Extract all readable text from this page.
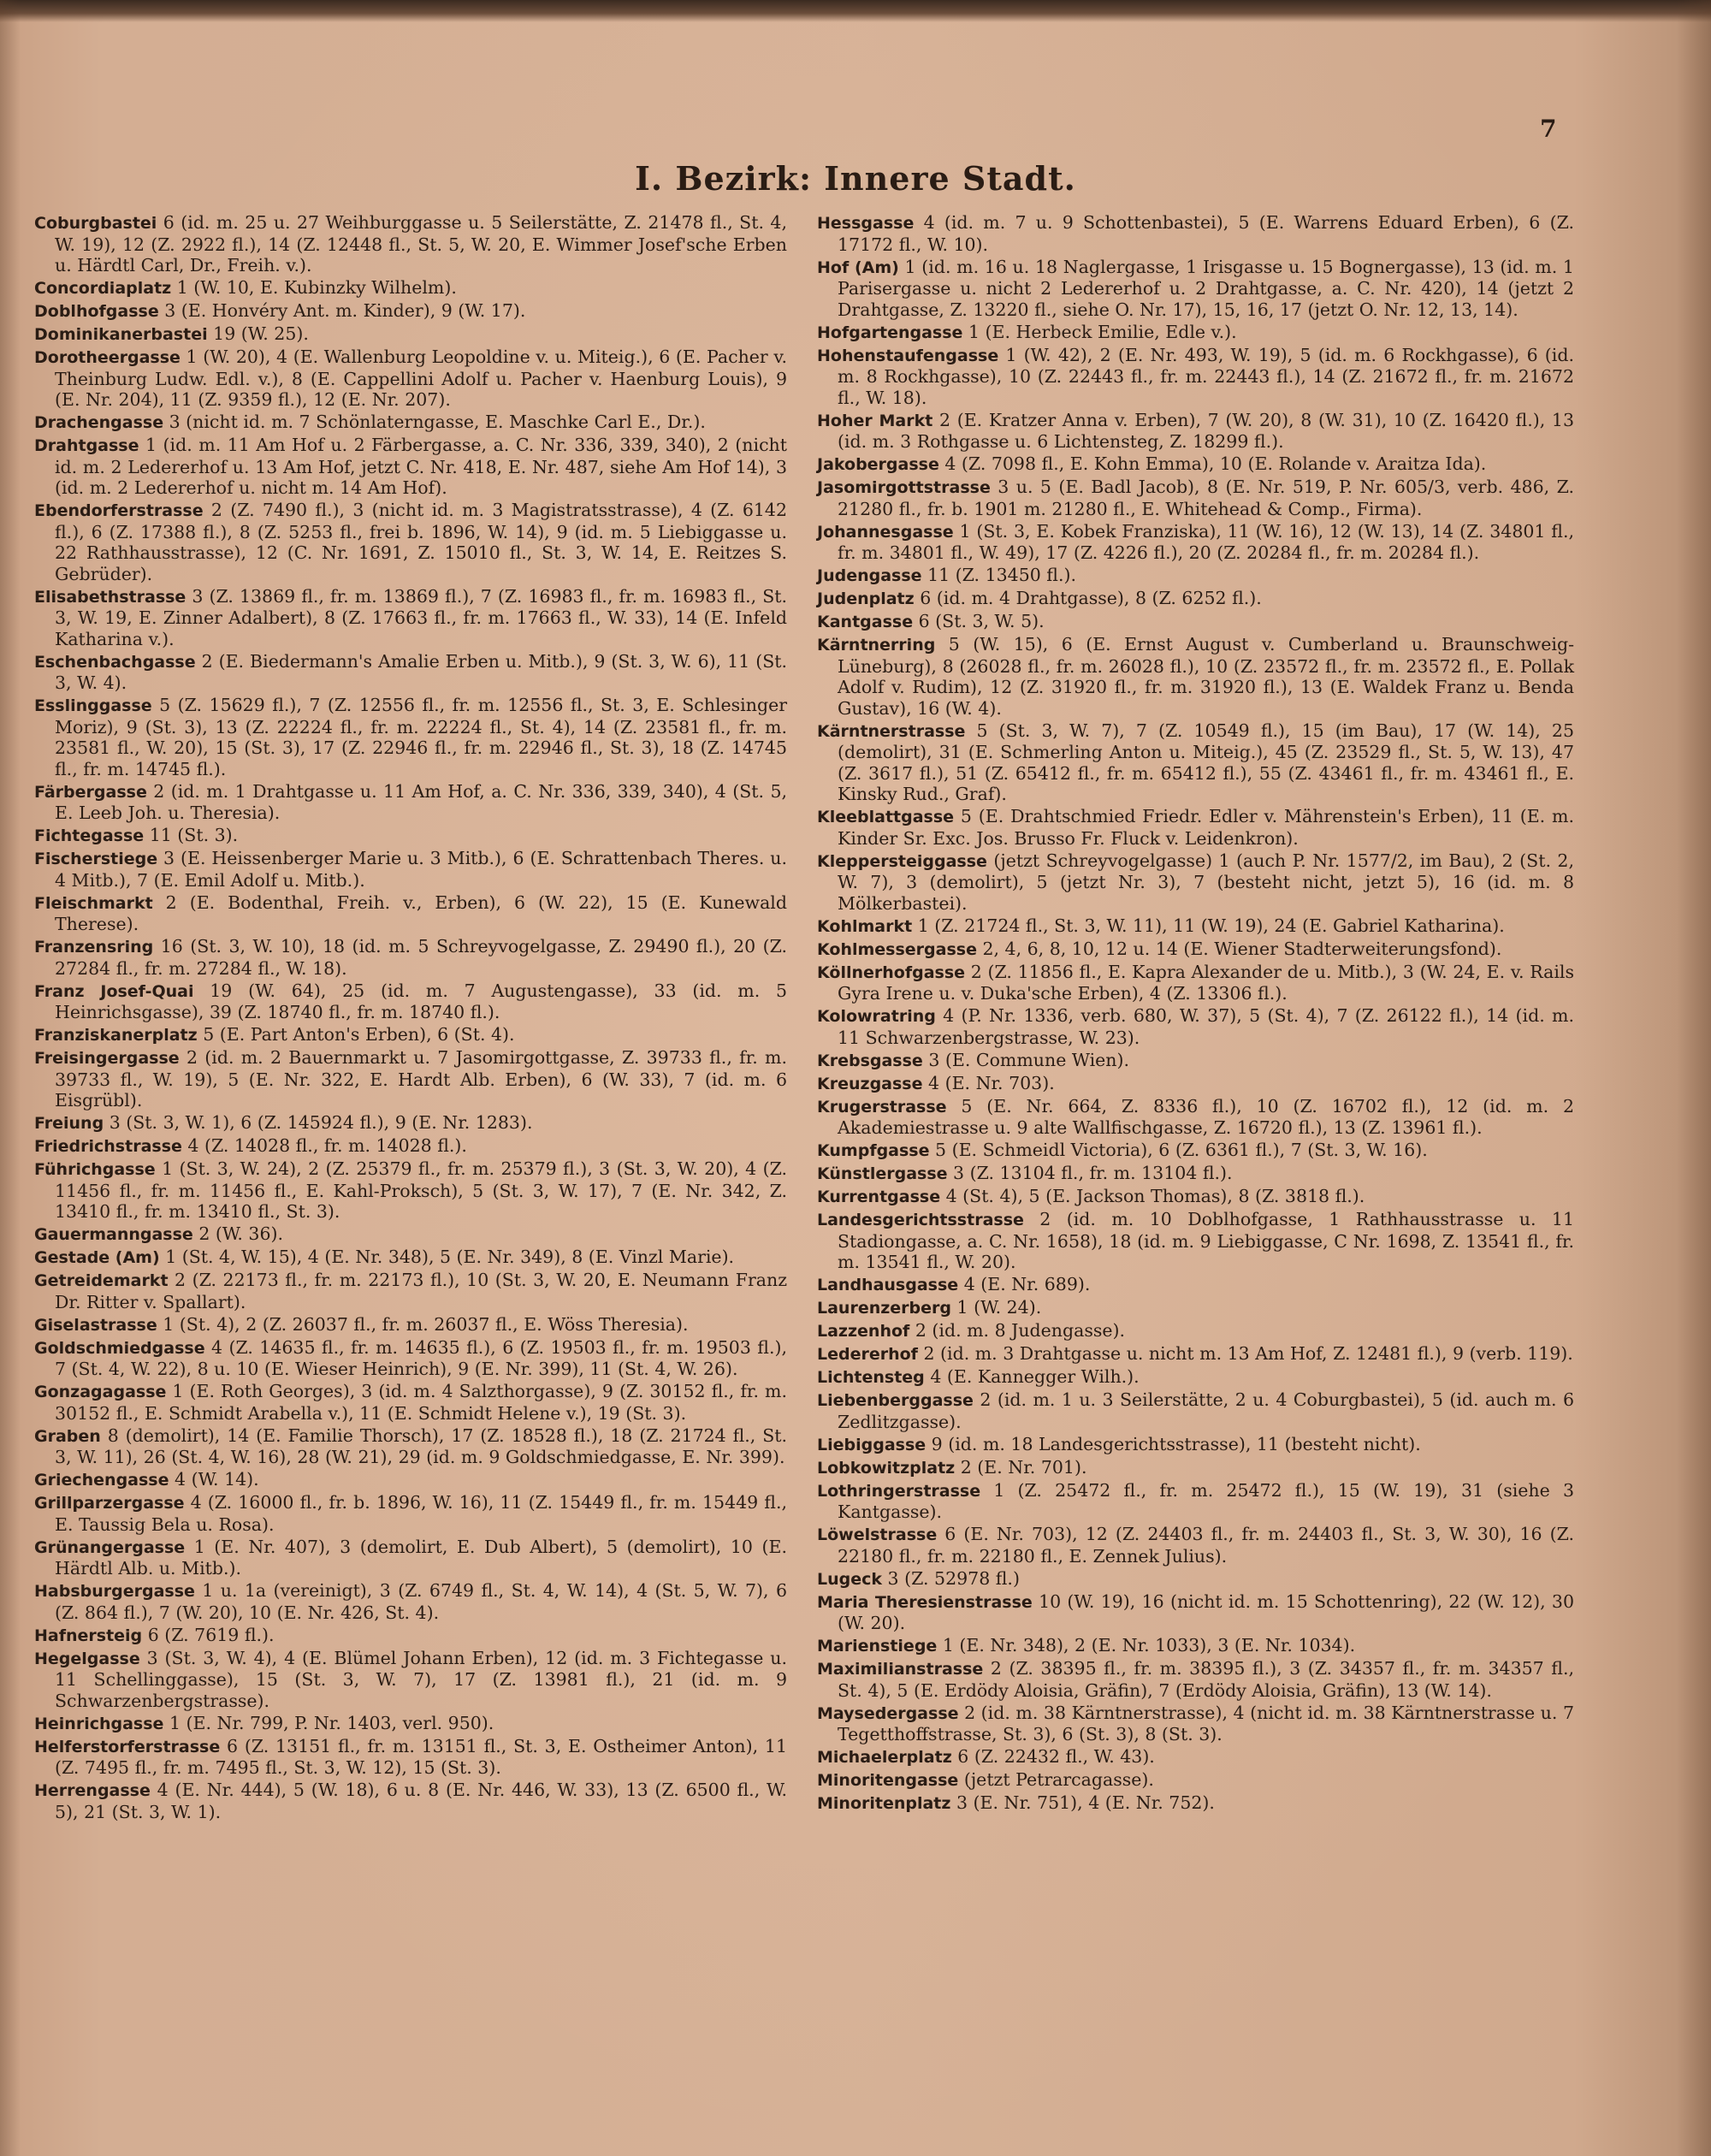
7
I. Bezirk: Innere Stadt.

Coburgbastei 6 (id. m. 25 u. 27 Weihburggasse u. 5 Seilerstätte, Z. 21478 fl., St. 4, W. 19), 12 (Z. 2922 fl.), 14 (Z. 12448 fl., St. 5, W. 20, E. Wimmer Josef'sche Erben u. Härdtl Carl, Dr., Freih. v.).

Concordiaplatz 1 (W. 10, E. Kubinzky Wilhelm).

Doblhofgasse 3 (E. Honvéry Ant. m. Kinder), 9 (W. 17).

Dominikanerbastei 19 (W. 25).

Dorotheergasse 1 (W. 20), 4 (E. Wallenburg Leopoldine v. u. Miteig.), 6 (E. Pacher v. Theinburg Ludw. Edl. v.), 8 (E. Cappellini Adolf u. Pacher v. Haenburg Louis), 9 (E. Nr. 204), 11 (Z. 9359 fl.), 12 (E. Nr. 207).

Drachengasse 3 (nicht id. m. 7 Schönlaterngasse, E. Maschke Carl E., Dr.).

Drahtgasse 1 (id. m. 11 Am Hof u. 2 Färbergasse, a. C. Nr. 336, 339, 340), 2 (nicht id. m. 2 Ledererhof u. 13 Am Hof, jetzt C. Nr. 418, E. Nr. 487, siehe Am Hof 14), 3 (id. m. 2 Ledererhof u. nicht m. 14 Am Hof).

Ebendorferstrasse 2 (Z. 7490 fl.), 3 (nicht id. m. 3 Magistratsstrasse), 4 (Z. 6142 fl.), 6 (Z. 17388 fl.), 8 (Z. 5253 fl., frei b. 1896, W. 14), 9 (id. m. 5 Liebiggasse u. 22 Rathhausstrasse), 12 (C. Nr. 1691, Z. 15010 fl., St. 3, W. 14, E. Reitzes S. Gebrüder).

Elisabethstrasse 3 (Z. 13869 fl., fr. m. 13869 fl.), 7 (Z. 16983 fl., fr. m. 16983 fl., St. 3, W. 19, E. Zinner Adalbert), 8 (Z. 17663 fl., fr. m. 17663 fl., W. 33), 14 (E. Infeld Katharina v.).

Eschenbachgasse 2 (E. Biedermann's Amalie Erben u. Mitb.), 9 (St. 3, W. 6), 11 (St. 3, W. 4).

Esslinggasse 5 (Z. 15629 fl.), 7 (Z. 12556 fl., fr. m. 12556 fl., St. 3, E. Schlesinger Moriz), 9 (St. 3), 13 (Z. 22224 fl., fr. m. 22224 fl., St. 4), 14 (Z. 23581 fl., fr. m. 23581 fl., W. 20), 15 (St. 3), 17 (Z. 22946 fl., fr. m. 22946 fl., St. 3), 18 (Z. 14745 fl., fr. m. 14745 fl.).

Färbergasse 2 (id. m. 1 Drahtgasse u. 11 Am Hof, a. C. Nr. 336, 339, 340), 4 (St. 5, E. Leeb Joh. u. Theresia).

Fichtegasse 11 (St. 3).

Fischerstiege 3 (E. Heissenberger Marie u. 3 Mitb.), 6 (E. Schrattenbach Theres. u. 4 Mitb.), 7 (E. Emil Adolf u. Mitb.).

Fleischmarkt 2 (E. Bodenthal, Freih. v., Erben), 6 (W. 22), 15 (E. Kunewald Therese).

Franzensring 16 (St. 3, W. 10), 18 (id. m. 5 Schreyvogelgasse, Z. 29490 fl.), 20 (Z. 27284 fl., fr. m. 27284 fl., W. 18).

Franz Josef-Quai 19 (W. 64), 25 (id. m. 7 Augustengasse), 33 (id. m. 5 Heinrichsgasse), 39 (Z. 18740 fl., fr. m. 18740 fl.).

Franziskanerplatz 5 (E. Part Anton's Erben), 6 (St. 4).

Freisingergasse 2 (id. m. 2 Bauernmarkt u. 7 Jasomirgottgasse, Z. 39733 fl., fr. m. 39733 fl., W. 19), 5 (E. Nr. 322, E. Hardt Alb. Erben), 6 (W. 33), 7 (id. m. 6 Eisgrübl).

Freiung 3 (St. 3, W. 1), 6 (Z. 145924 fl.), 9 (E. Nr. 1283).

Friedrichstrasse 4 (Z. 14028 fl., fr. m. 14028 fl.).

Führichgasse 1 (St. 3, W. 24), 2 (Z. 25379 fl., fr. m. 25379 fl.), 3 (St. 3, W. 20), 4 (Z. 11456 fl., fr. m. 11456 fl., E. Kahl-Proksch), 5 (St. 3, W. 17), 7 (E. Nr. 342, Z. 13410 fl., fr. m. 13410 fl., St. 3).

Gauermanngasse 2 (W. 36).

Gestade (Am) 1 (St. 4, W. 15), 4 (E. Nr. 348), 5 (E. Nr. 349), 8 (E. Vinzl Marie).

Getreidemarkt 2 (Z. 22173 fl., fr. m. 22173 fl.), 10 (St. 3, W. 20, E. Neumann Franz Dr. Ritter v. Spallart).

Giselastrasse 1 (St. 4), 2 (Z. 26037 fl., fr. m. 26037 fl., E. Wöss Theresia).

Goldschmiedgasse 4 (Z. 14635 fl., fr. m. 14635 fl.), 6 (Z. 19503 fl., fr. m. 19503 fl.), 7 (St. 4, W. 22), 8 u. 10 (E. Wieser Heinrich), 9 (E. Nr. 399), 11 (St. 4, W. 26).

Gonzagagasse 1 (E. Roth Georges), 3 (id. m. 4 Salzthorgasse), 9 (Z. 30152 fl., fr. m. 30152 fl., E. Schmidt Arabella v.), 11 (E. Schmidt Helene v.), 19 (St. 3).

Graben 8 (demolirt), 14 (E. Familie Thorsch), 17 (Z. 18528 fl.), 18 (Z. 21724 fl., St. 3, W. 11), 26 (St. 4, W. 16), 28 (W. 21), 29 (id. m. 9 Goldschmiedgasse, E. Nr. 399).

Griechengasse 4 (W. 14).

Grillparzergasse 4 (Z. 16000 fl., fr. b. 1896, W. 16), 11 (Z. 15449 fl., fr. m. 15449 fl., E. Taussig Bela u. Rosa).

Grünangergasse 1 (E. Nr. 407), 3 (demolirt, E. Dub Albert), 5 (demolirt), 10 (E. Härdtl Alb. u. Mitb.).

Habsburgergasse 1 u. 1a (vereinigt), 3 (Z. 6749 fl., St. 4, W. 14), 4 (St. 5, W. 7), 6 (Z. 864 fl.), 7 (W. 20), 10 (E. Nr. 426, St. 4).

Hafnersteig 6 (Z. 7619 fl.).

Hegelgasse 3 (St. 3, W. 4), 4 (E. Blümel Johann Erben), 12 (id. m. 3 Fichtegasse u. 11 Schellinggasse), 15 (St. 3, W. 7), 17 (Z. 13981 fl.), 21 (id. m. 9 Schwarzenbergstrasse).

Heinrichgasse 1 (E. Nr. 799, P. Nr. 1403, verl. 950).

Helferstorferstrasse 6 (Z. 13151 fl., fr. m. 13151 fl., St. 3, E. Ostheimer Anton), 11 (Z. 7495 fl., fr. m. 7495 fl., St. 3, W. 12), 15 (St. 3).

Herrengasse 4 (E. Nr. 444), 5 (W. 18), 6 u. 8 (E. Nr. 446, W. 33), 13 (Z. 6500 fl., W. 5), 21 (St. 3, W. 1).

Hessgasse 4 (id. m. 7 u. 9 Schottenbastei), 5 (E. Warrens Eduard Erben), 6 (Z. 17172 fl., W. 10).

Hof (Am) 1 (id. m. 16 u. 18 Naglergasse, 1 Irisgasse u. 15 Bognergasse), 13 (id. m. 1 Parisergasse u. nicht 2 Ledererhof u. 2 Drahtgasse, a. C. Nr. 420), 14 (jetzt 2 Drahtgasse, Z. 13220 fl., siehe O. Nr. 17), 15, 16, 17 (jetzt O. Nr. 12, 13, 14).

Hofgartengasse 1 (E. Herbeck Emilie, Edle v.).

Hohenstaufengasse 1 (W. 42), 2 (E. Nr. 493, W. 19), 5 (id. m. 6 Rockhgasse), 6 (id. m. 8 Rockhgasse), 10 (Z. 22443 fl., fr. m. 22443 fl.), 14 (Z. 21672 fl., fr. m. 21672 fl., W. 18).

Hoher Markt 2 (E. Kratzer Anna v. Erben), 7 (W. 20), 8 (W. 31), 10 (Z. 16420 fl.), 13 (id. m. 3 Rothgasse u. 6 Lichtensteg, Z. 18299 fl.).

Jakobergasse 4 (Z. 7098 fl., E. Kohn Emma), 10 (E. Rolande v. Araitza Ida).

Jasomirgottstrasse 3 u. 5 (E. Badl Jacob), 8 (E. Nr. 519, P. Nr. 605/3, verb. 486, Z. 21280 fl., fr. b. 1901 m. 21280 fl., E. Whitehead & Comp., Firma).

Johannesgasse 1 (St. 3, E. Kobek Franziska), 11 (W. 16), 12 (W. 13), 14 (Z. 34801 fl., fr. m. 34801 fl., W. 49), 17 (Z. 4226 fl.), 20 (Z. 20284 fl., fr. m. 20284 fl.).

Judengasse 11 (Z. 13450 fl.).

Judenplatz 6 (id. m. 4 Drahtgasse), 8 (Z. 6252 fl.).

Kantgasse 6 (St. 3, W. 5).

Kärntnerring 5 (W. 15), 6 (E. Ernst August v. Cumberland u. Braunschweig-Lüneburg), 8 (26028 fl., fr. m. 26028 fl.), 10 (Z. 23572 fl., fr. m. 23572 fl., E. Pollak Adolf v. Rudim), 12 (Z. 31920 fl., fr. m. 31920 fl.), 13 (E. Waldek Franz u. Benda Gustav), 16 (W. 4).

Kärntnerstrasse 5 (St. 3, W. 7), 7 (Z. 10549 fl.), 15 (im Bau), 17 (W. 14), 25 (demolirt), 31 (E. Schmerling Anton u. Miteig.), 45 (Z. 23529 fl., St. 5, W. 13), 47 (Z. 3617 fl.), 51 (Z. 65412 fl., fr. m. 65412 fl.), 55 (Z. 43461 fl., fr. m. 43461 fl., E. Kinsky Rud., Graf).

Kleeblattgasse 5 (E. Drahtschmied Friedr. Edler v. Mährenstein's Erben), 11 (E. m. Kinder Sr. Exc. Jos. Brusso Fr. Fluck v. Leidenkron).

Kleppersteiggasse (jetzt Schreyvogelgasse) 1 (auch P. Nr. 1577/2, im Bau), 2 (St. 2, W. 7), 3 (demolirt), 5 (jetzt Nr. 3), 7 (besteht nicht, jetzt 5), 16 (id. m. 8 Mölkerbastei).

Kohlmarkt 1 (Z. 21724 fl., St. 3, W. 11), 11 (W. 19), 24 (E. Gabriel Katharina).

Kohlmessergasse 2, 4, 6, 8, 10, 12 u. 14 (E. Wiener Stadterweiterungsfond).

Köllnerhofgasse 2 (Z. 11856 fl., E. Kapra Alexander de u. Mitb.), 3 (W. 24, E. v. Rails Gyra Irene u. v. Duka'sche Erben), 4 (Z. 13306 fl.).

Kolowratring 4 (P. Nr. 1336, verb. 680, W. 37), 5 (St. 4), 7 (Z. 26122 fl.), 14 (id. m. 11 Schwarzenbergstrasse, W. 23).

Krebsgasse 3 (E. Commune Wien).

Kreuzgasse 4 (E. Nr. 703).

Krugerstrasse 5 (E. Nr. 664, Z. 8336 fl.), 10 (Z. 16702 fl.), 12 (id. m. 2 Akademiestrasse u. 9 alte Wallfischgasse, Z. 16720 fl.), 13 (Z. 13961 fl.).

Kumpfgasse 5 (E. Schmeidl Victoria), 6 (Z. 6361 fl.), 7 (St. 3, W. 16).

Künstlergasse 3 (Z. 13104 fl., fr. m. 13104 fl.).

Kurrentgasse 4 (St. 4), 5 (E. Jackson Thomas), 8 (Z. 3818 fl.).

Landesgerichtsstrasse 2 (id. m. 10 Doblhofgasse, 1 Rathhausstrasse u. 11 Stadiongasse, a. C. Nr. 1658), 18 (id. m. 9 Liebiggasse, C Nr. 1698, Z. 13541 fl., fr. m. 13541 fl., W. 20).

Landhausgasse 4 (E. Nr. 689).

Laurenzerberg 1 (W. 24).

Lazzenhof 2 (id. m. 8 Judengasse).

Ledererhof 2 (id. m. 3 Drahtgasse u. nicht m. 13 Am Hof, Z. 12481 fl.), 9 (verb. 119).

Lichtensteg 4 (E. Kannegger Wilh.).

Liebenberggasse 2 (id. m. 1 u. 3 Seilerstätte, 2 u. 4 Coburgbastei), 5 (id. auch m. 6 Zedlitzgasse).

Liebiggasse 9 (id. m. 18 Landesgerichtsstrasse), 11 (besteht nicht).

Lobkowitzplatz 2 (E. Nr. 701).

Lothringerstrasse 1 (Z. 25472 fl., fr. m. 25472 fl.), 15 (W. 19), 31 (siehe 3 Kantgasse).

Löwelstrasse 6 (E. Nr. 703), 12 (Z. 24403 fl., fr. m. 24403 fl., St. 3, W. 30), 16 (Z. 22180 fl., fr. m. 22180 fl., E. Zennek Julius).

Lugeck 3 (Z. 52978 fl.)

Maria Theresienstrasse 10 (W. 19), 16 (nicht id. m. 15 Schottenring), 22 (W. 12), 30 (W. 20).

Marienstiege 1 (E. Nr. 348), 2 (E. Nr. 1033), 3 (E. Nr. 1034).

Maximilianstrasse 2 (Z. 38395 fl., fr. m. 38395 fl.), 3 (Z. 34357 fl., fr. m. 34357 fl., St. 4), 5 (E. Erdödy Aloisia, Gräfin), 7 (Erdödy Aloisia, Gräfin), 13 (W. 14).

Maysedergasse 2 (id. m. 38 Kärntnerstrasse), 4 (nicht id. m. 38 Kärntnerstrasse u. 7 Tegetthoffstrasse, St. 3), 6 (St. 3), 8 (St. 3).

Michaelerplatz 6 (Z. 22432 fl., W. 43).

Minoritengasse (jetzt Petrarcagasse).

Minoritenplatz 3 (E. Nr. 751), 4 (E. Nr. 752).
